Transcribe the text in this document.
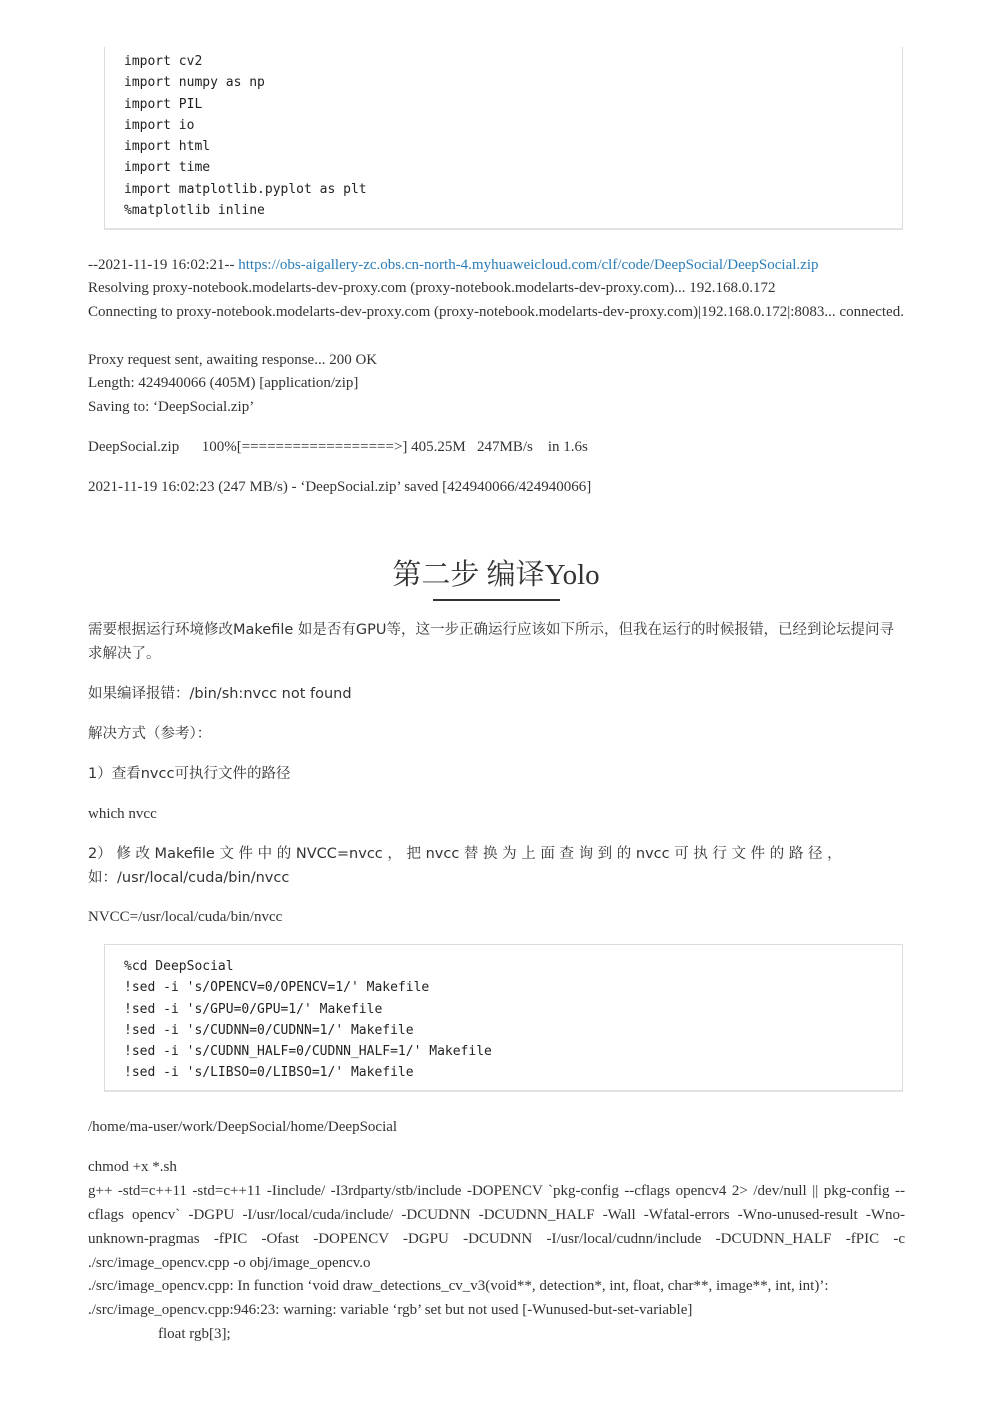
import cv2
import numpy as np
import PIL
import io
import html
import time
import matplotlib.pyplot as plt
%matplotlib inline
--2021-11-19 16:02:21-- https://obs-aigallery-zc.obs.cn-north-4.myhuaweicloud.com/clf/code/DeepSocial/DeepSocial.zip
Resolving proxy-notebook.modelarts-dev-proxy.com (proxy-notebook.modelarts-dev-proxy.com)... 192.168.0.172
Connecting to proxy-notebook.modelarts-dev-proxy.com (proxy-notebook.modelarts-dev-proxy.com)|192.168.0.172|:8083... connected.
Proxy request sent, awaiting response... 200 OK
Length: 424940066 (405M) [application/zip]
Saving to: ‘DeepSocial.zip’
DeepSocial.zip      100%[==================>] 405.25M   247MB/s    in 1.6s
2021-11-19 16:02:23 (247 MB/s) - ‘DeepSocial.zip’ saved [424940066/424940066]
第二步 编译Yolo
需要根据运行环境修改Makefile 如是否有GPU等，这一步正确运行应该如下所示，但我在运行的时候报错，已经到论坛提问寻求解决了。
如果编译报错：/bin/sh:nvcc not found
解决方式（参考）：
1）查看nvcc可执行文件的路径
which nvcc
2） 修 改 Makefile 文 件 中 的 NVCC=nvcc ， 把 nvcc 替 换 为 上 面 查 询 到 的 nvcc 可 执 行 文 件 的 路 径 ，如：/usr/local/cuda/bin/nvcc
NVCC=/usr/local/cuda/bin/nvcc
%cd DeepSocial
!sed -i 's/OPENCV=0/OPENCV=1/' Makefile
!sed -i 's/GPU=0/GPU=1/' Makefile
!sed -i 's/CUDNN=0/CUDNN=1/' Makefile
!sed -i 's/CUDNN_HALF=0/CUDNN_HALF=1/' Makefile
!sed -i 's/LIBSO=0/LIBSO=1/' Makefile
/home/ma-user/work/DeepSocial/home/DeepSocial
chmod +x *.sh
g++ -std=c++11 -std=c++11 -Iinclude/ -I3rdparty/stb/include -DOPENCV `pkg-config --cflags opencv4 2> /dev/null || pkg-config --cflags opencv` -DGPU -I/usr/local/cuda/include/ -DCUDNN -DCUDNN_HALF -Wall -Wfatal-errors -Wno-unused-result -Wno-unknown-pragmas -fPIC -Ofast -DOPENCV -DGPU -DCUDNN -I/usr/local/cudnn/include -DCUDNN_HALF -fPIC -c ./src/image_opencv.cpp -o obj/image_opencv.o
./src/image_opencv.cpp: In function ‘void draw_detections_cv_v3(void**, detection*, int, float, char**, image**, int, int)’:
./src/image_opencv.cpp:946:23: warning: variable ‘rgb’ set but not used [-Wunused-but-set-variable]
float rgb[3];
